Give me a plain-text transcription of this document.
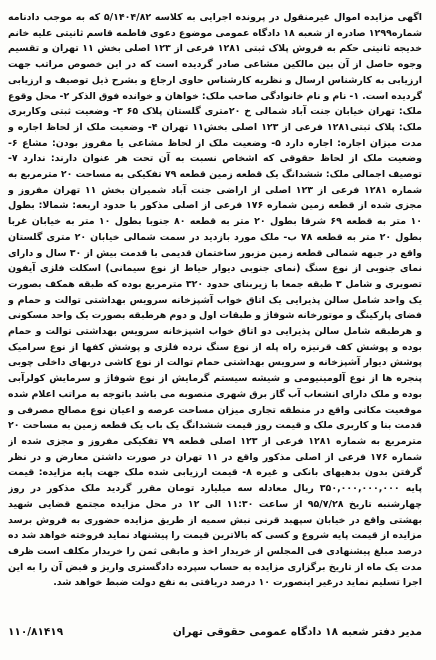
اگهی مزایده اموال غیرمنقول در پرونده اجرایی به کلاسه ۵/۱۴۰۴/۸۲ که به موجب دادنامه شماره۱۲۹۹ صادره از شعبه ۱۸ دادگاه عمومی موضوع دعوی فاطمه قاسم ثانیتی علیه خانم خدیجه ثانیتی حکم به فروش پلاک ثبتی ۱۲۸۱ فرعی از ۱۲۳ اصلی بخش ۱۱ تهران و تقسیم وجوه حاصل از آن بین مالکین مشاعی صادر گردیده است که در این خصوص مراتب جهت ارزیابی به کارشناس ارسال و نظریه کارشناس حاوی ارجاع و بشرح ذیل توصیف و ارزیابی گردیده است. ۱- نام و نام خانوادگی صاحب ملک: خواهان و خوانده فوق الذکر ۲- محل وقوع ملک: تهران خیابان جنت آباد شمالی خ ۲۰متری گلستان پلاک ۶۵ ۳- وضعیت ثبتی وکاربری ملک: پلاک ثبتی۱۲۸۱ فرعی از ۱۲۳ اصلی بخش۱۱ تهران ۴- وضعیت ملک از لحاظ اجاره و مدت میزان اجاره: اجاره دارد ۵- وضعیت ملک از لحاظ مشاعی یا مفروز بودن: مشاع ۶- وضعیت ملک از لحاظ حقوقی که اشخاص نسبت به آن تحت هر عنوان دارند: ندارد ۷- توصیف اجمالی ملک: ششدانگ یک قطعه زمین قطعه ۷۹ تفکیکی به مساحت ۲۰ مترمربع به شماره ۱۲۸۱ فرعی از ۱۲۳ اصلی از اراضی جنت آباد شمیران بخش ۱۱ تهران مفروز و مجزی شده از قطعه زمین شماره ۱۷۶ فرعی از اصلی مذکور با حدود اربعه: شمالا: بطول ۱۰ متر به قطعه ۶۹ شرقا بطول ۲۰ متر به قطعه ۸۰ جنوبا بطول ۱۰ متر به خیابان غربا بطول ۲۰ متر به قطعه ۷۸ ب- ملک مورد بازدید در سمت شمالی خیابان ۲۰ متری گلستان واقع در جبهه شمالی قطعه زمین مزبور ساختمان قدیمی با قدمت بیش از ۳۰ سال و دارای نمای جنوبی از نوع سنگ (نمای جنوبی دیوار حیاط از نوع سیمانی) اسکلت فلزی آیفون تصویری و شامل ۳ طبقه جمعا با زیربنای حدود ۳۲۰ مترمربع بوده که طبقه همکف بصورت یک واحد شامل سالن پذیرایی یک اتاق خواب آشپزخانه سرویس بهداشتی توالت و حمام و فضای پارکینگ و موتورخانه شوفاژ و طبقات اول و دوم هرطبقه بصورت یک واحد مسکونی و هرطبقه شامل سالن پذیرایی دو اتاق خواب اشپزخانه سرویس بهداشتی توالت و حمام بوده و پوشش کف قرنیزه راه پله از نوع سنگ نرده فلزی و پوشش کفها از نوع سرامیک پوشش دیوار آشپزخانه و سرویس بهداشتی حمام توالت از نوع کاشی دربهای داخلی چوبی پنجره ها از نوع آلومینیومی و شیشه سیستم گرمایش از نوع شوفاژ و سرمایش کولرآبی بوده و ملک دارای انشعاب آب گاز برق شهری منصوبه می باشد باتوجه به مراتب اعلام شده موقعیت مکانی واقع در منطقه تجاری میزان مساحت عرصه و اعیان نوع مصالح مصرفی و قدمت بنا و کاربری ملک و قیمت روز قیمت ششدانگ یک باب یک قطعه زمین به مساحت ۲۰ مترمربع به شماره ۱۲۸۱ فرعی از ۱۲۳ اصلی قطعه ۷۹ تفکیکی مفروز و مجزی شده از شماره ۱۷۶ فرعی از اصلی مذکور واقع در ۱۱ تهران در صورت داشتن معارض و در نظر گرفتن بدون بدهیهای بانکی و غیره ۸- قیمت ارزیابی شده ملک جهت پایه مزایده: قیمت پایه ۳۵۰,۰۰۰,۰۰۰,۰۰۰ ریال معادله سه میلیارد تومان مقرر گردید ملک مذکور در روز چهارشنبه تاریخ ۹۵/۷/۲۸ از ساعت ۱۱:۳۰ الی ۱۲ در محل مزایده مجتمع قضایی شهید بهشتی واقع در خیابان سپهبد قرنی نبش سمیه از طریق مزایده حضوری به فروش برسد مزایده از قیمت پایه شروع و کسی که بالاترین قیمت را پیشنهاد نماید فروخته خواهد شد ده درصد مبلغ پیشنهادی فی المجلس از خریدار اخذ و مابقی ثمن را خریدار مکلف است ظرف مدت یک ماه از تاریخ برگزاری مزایده به حساب سپرده دادگستری واریز و قبض آن را به این اجرا تسلیم نماید درغیر اینصورت ۱۰ درصد دریافتی به نفع دولت ضبط خواهد شد.
مدیر دفتر شعبه ۱۸ دادگاه عمومی حقوقی تهران
۱۱۰/۸۱۴۱۹
